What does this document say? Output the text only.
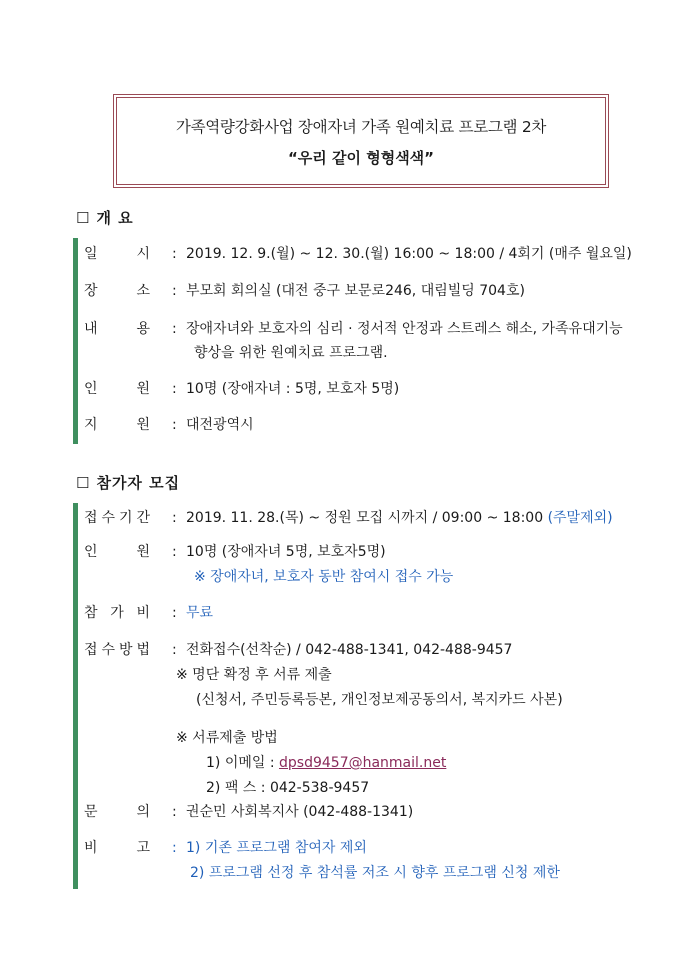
가족역량강화사업 장애자녀 가족 원예치료 프로그램 2차
“우리 같이 형형색색”
☐ 개 요
일	시 : 2019. 12. 9.(월) ~ 12. 30.(월) 16:00 ~ 18:00 / 4회기 (매주 월요일)
장	소 : 부모회 회의실 (대전 중구 보문로246, 대림빌딩 704호)
내	용 : 장애자녀와 보호자의 심리 · 정서적 안정과 스트레스 해소, 가족유대기능
향상을 위한 원예치료 프로그램.
인	원 : 10명 (장애자녀 : 5명, 보호자 5명)
지	원 : 대전광역시
☐ 참가자 모집
접 수 기 간 : 2019. 11. 28.(목) ~ 정원 모집 시까지 / 09:00 ~ 18:00 (주말제외)
인	원 : 10명 (장애자녀 5명, 보호자5명)
※ 장애자녀, 보호자 동반 참여시 접수 가능
참 가 비 : 무료
접 수 방 법 : 전화접수(선착순) / 042-488-1341, 042-488-9457
※ 명단 확정 후 서류 제출
(신청서, 주민등록등본, 개인정보제공동의서, 복지카드 사본)
※ 서류제출 방법
1) 이메일 : dpsd9457@hanmail.net
2) 팩 스 : 042-538-9457
문	의 : 권순민 사회복지사 (042-488-1341)
비	고 : 1) 기존 프로그램 참여자 제외
2) 프로그램 선정 후 참석률 저조 시 향후 프로그램 신청 제한
